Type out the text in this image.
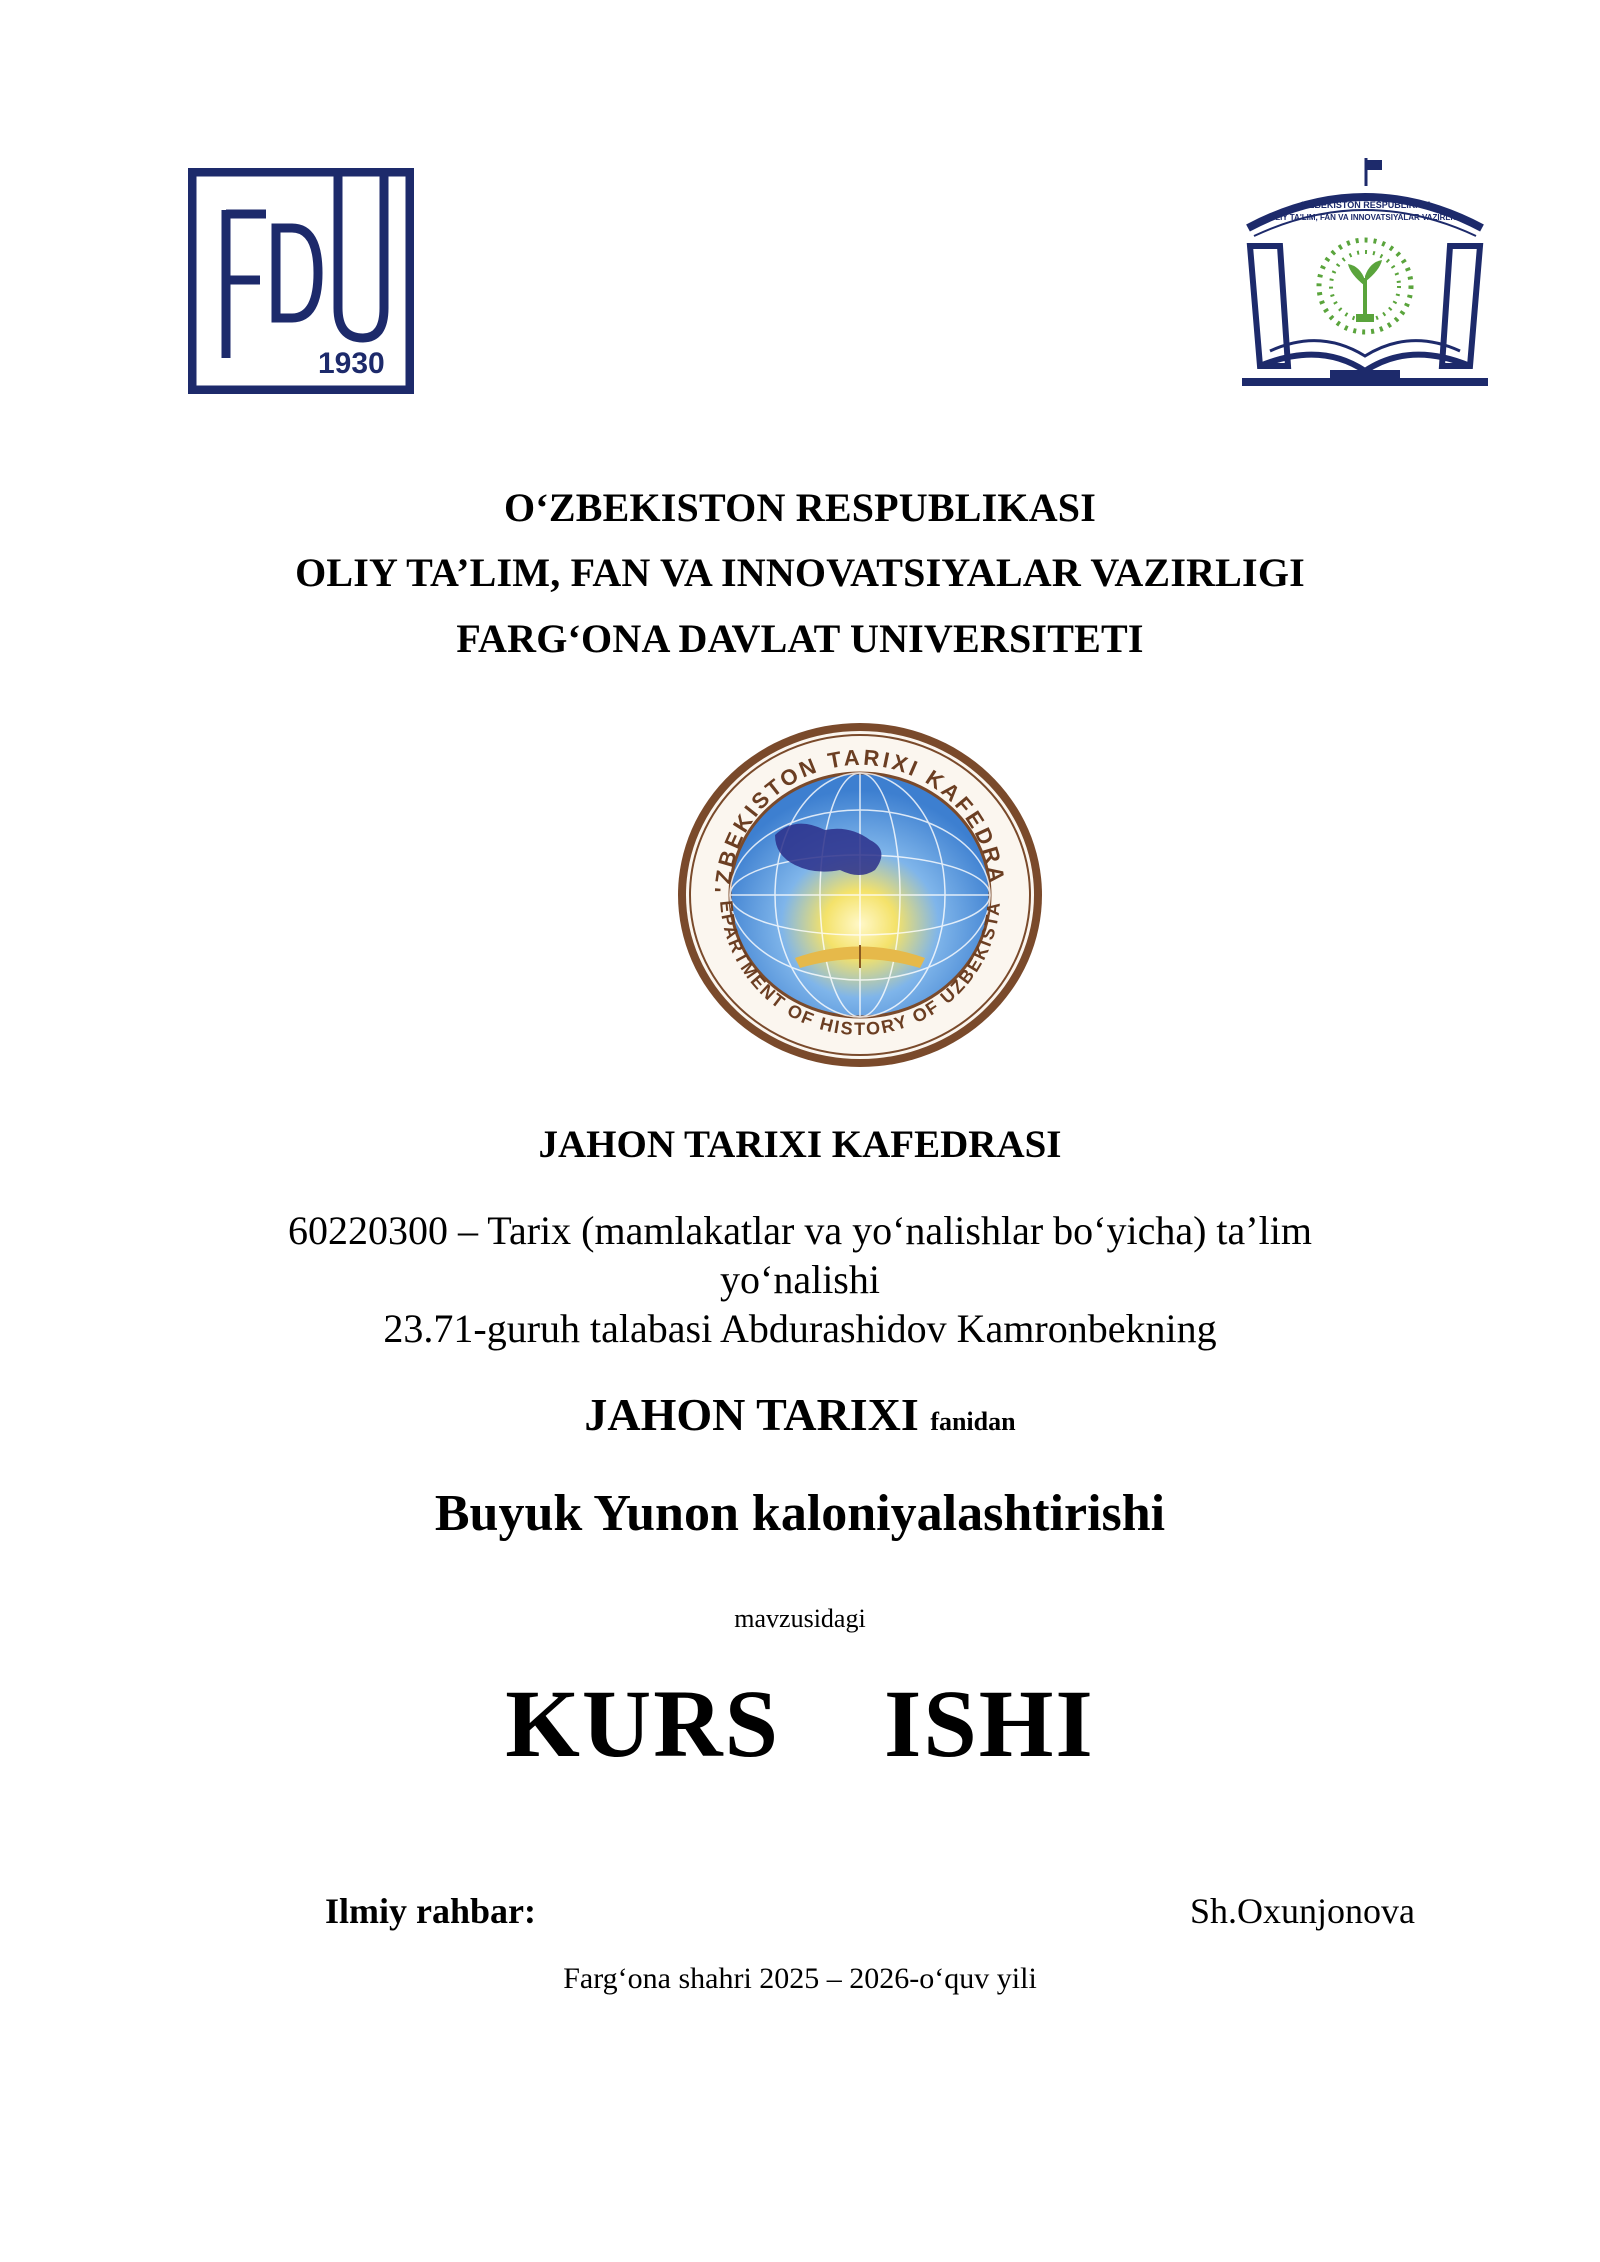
1930
O'ZBEKISTON RESPUBLIKASI
OLIY TA'LIM, FAN VA INNOVATSIYALAR VAZIRLIGI
O‘ZBEKISTON RESPUBLIKASI
OLIY TA’LIM, FAN VA INNOVATSIYALAR VAZIRLIGI
FARG‘ONA DAVLAT UNIVERSITETI
'ZBEKISTON TARIXI KAFEDRA
EPARTMENT OF HISTORY OF UZBEKISTA
JAHON TARIXI KAFEDRASI
60220300 – Tarix (mamlakatlar va yo‘nalishlar bo‘yicha) ta’lim
yo‘nalishi
23.71-guruh talabasi Abdurashidov Kamronbekning
JAHON TARIXI fanidan
Buyuk Yunon kaloniyalashtirishi
mavzusidagi
KURS  ISHI
Ilmiy rahbar:	Sh.Oxunjonova
Farg‘ona shahri 2025 – 2026-o‘quv yili
